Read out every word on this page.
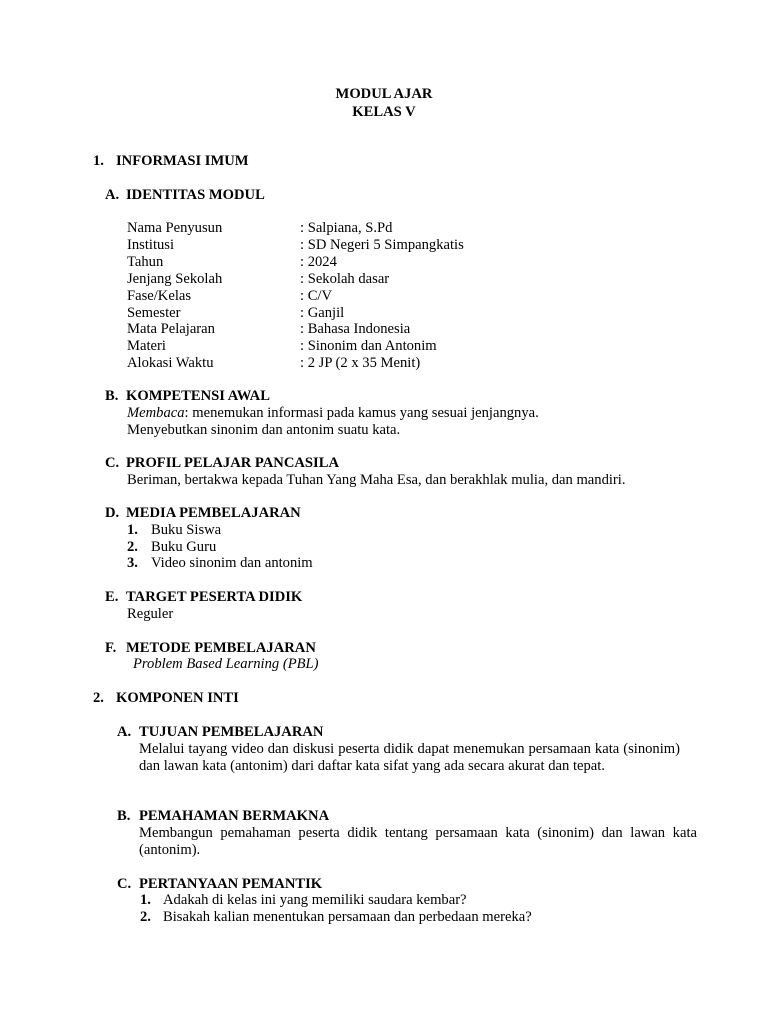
MODUL AJAR
KELAS V
1. INFORMASI IMUM
A. IDENTITAS MODUL
Nama Penyusun	: Salpiana, S.Pd
Institusi	: SD Negeri 5 Simpangkatis
Tahun	: 2024
Jenjang Sekolah	: Sekolah dasar
Fase/Kelas	: C/V
Semester	: Ganjil
Mata Pelajaran	: Bahasa Indonesia
Materi	: Sinonim dan Antonim
Alokasi Waktu	: 2 JP (2 x 35 Menit)
B. KOMPETENSI AWAL
Membaca: menemukan informasi pada kamus yang sesuai jenjangnya.
Menyebutkan sinonim dan antonim suatu kata.
C. PROFIL PELAJAR PANCASILA
Beriman, bertakwa kepada Tuhan Yang Maha Esa, dan berakhlak mulia, dan mandiri.
D. MEDIA PEMBELAJARAN
1. Buku Siswa
2. Buku Guru
3. Video sinonim dan antonim
E. TARGET PESERTA DIDIK
Reguler
F. METODE PEMBELAJARAN
Problem Based Learning (PBL)
2. KOMPONEN INTI
A. TUJUAN PEMBELAJARAN
Melalui tayang video dan diskusi peserta didik dapat menemukan persamaan kata (sinonim) dan lawan kata (antonim) dari daftar kata sifat yang ada secara akurat dan tepat.
B. PEMAHAMAN BERMAKNA
Membangun pemahaman peserta didik tentang persamaan kata (sinonim) dan lawan kata (antonim).
C. PERTANYAAN PEMANTIK
1. Adakah di kelas ini yang memiliki saudara kembar?
2. Bisakah kalian menentukan persamaan dan perbedaan mereka?
